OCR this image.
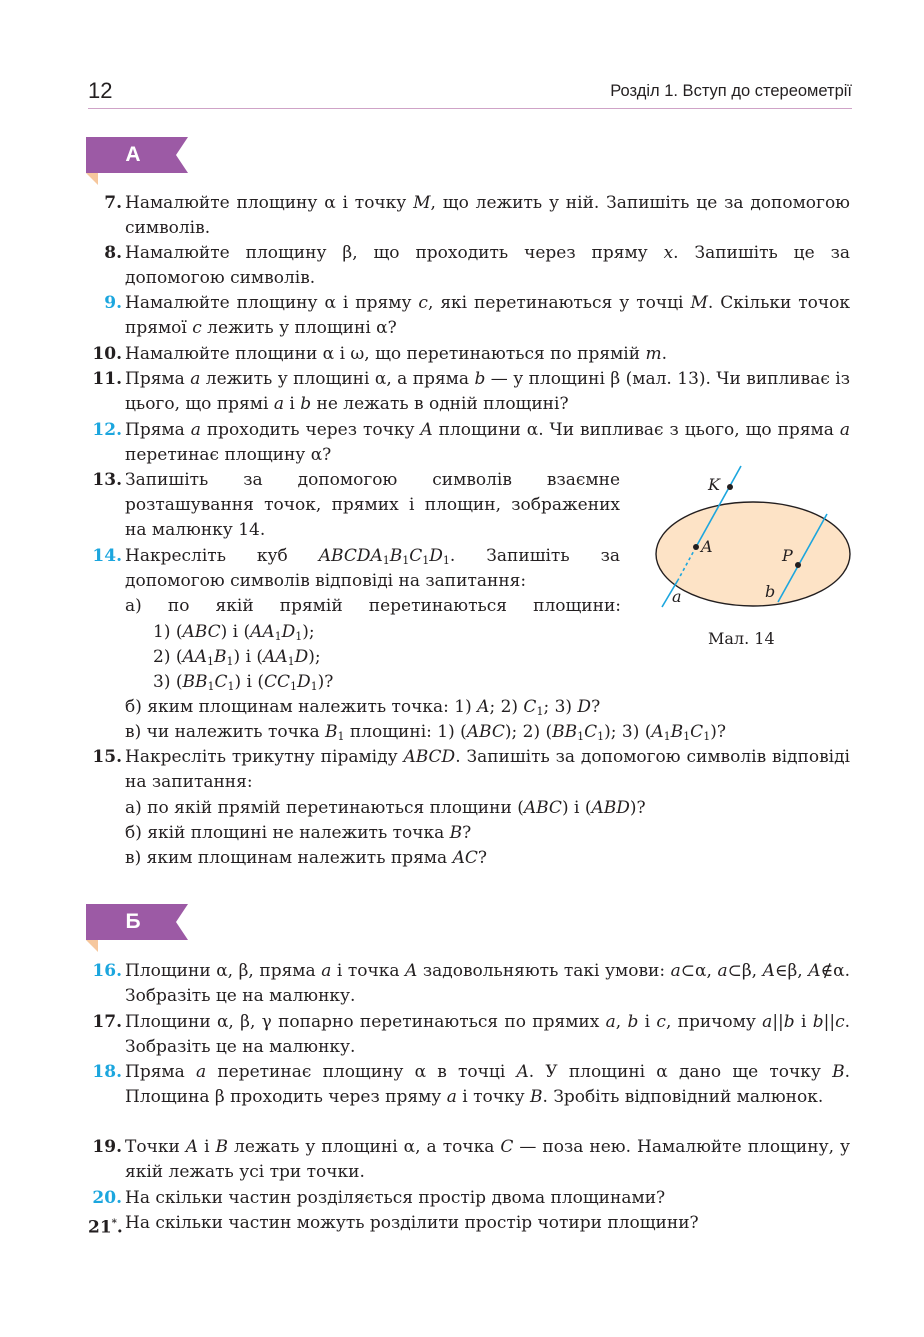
12	Розділ 1. Вступ до стереометрії
А
7. Намалюйте площину α і точку M, що лежить у ній. Запишіть це за допомогою символів.
8. Намалюйте площину β, що проходить через пряму x. Запишіть це за допомогою символів.
9. Намалюйте площину α і пряму c, які перетинаються у точці M. Скільки точок прямої c лежить у площині α?
10. Намалюйте площини α і ω, що перетинаються по прямій m.
11. Пряма a лежить у площині α, а пряма b — у площині β (мал. 13). Чи випливає із цього, що прямі a і b не лежать в одній площині?
12. Пряма a проходить через точку A площини α. Чи випливає з цього, що пряма a перетинає площину α?
13. Запишіть за допомогою символів взаємне розташування точок, прямих і площин, зображених на малюнку 14.
14. Накресліть куб $ABCDA_1B_1C_1D_1$. Запишіть за допомогою символів відповіді на запитання:
а) по якій прямій перетинаються площини:
1) (ABC) і $(AA_1D_1)$;
2) $(AA_1B_1)$ і $(AA_1D)$;
3) $(BB_1C_1)$ і $(CC_1D_1)$?
б) яким площинам належить точка: 1) A; 2) $C_1$; 3) D?
в) чи належить точка $B_1$ площині: 1) (ABC); 2) $(BB_1C_1)$; 3) $(A_1B_1C_1)$?
15. Накресліть трикутну піраміду ABCD. Запишіть за допомогою символів відповіді на запитання:
а) по якій прямій перетинаються площини (ABC) і (ABD)?
б) якій площині не належить точка B?
в) яким площинам належить пряма AC?
Б
16. Площини α, β, пряма a і точка A задовольняють такі умови: a⊂α, a⊂β, A∈β, A∉α. Зобразіть це на малюнку.
17. Площини α, β, γ попарно перетинаються по прямих a, b і c, причому a||b і b||c. Зобразіть це на малюнку.
18. Пряма a перетинає площину α в точці A. У площині α дано ще точку B. Площина β проходить через пряму a і точку B. Зробіть відповідний малюнок.
19. Точки A і B лежать у площині α, а точка C — поза нею. Намалюйте площину, у якій лежать усі три точки.
20. На скільки частин розділяється простір двома площинами?
21*. На скільки частин можуть розділити простір чотири площини?
K
A	P
a	b
Мал. 14
